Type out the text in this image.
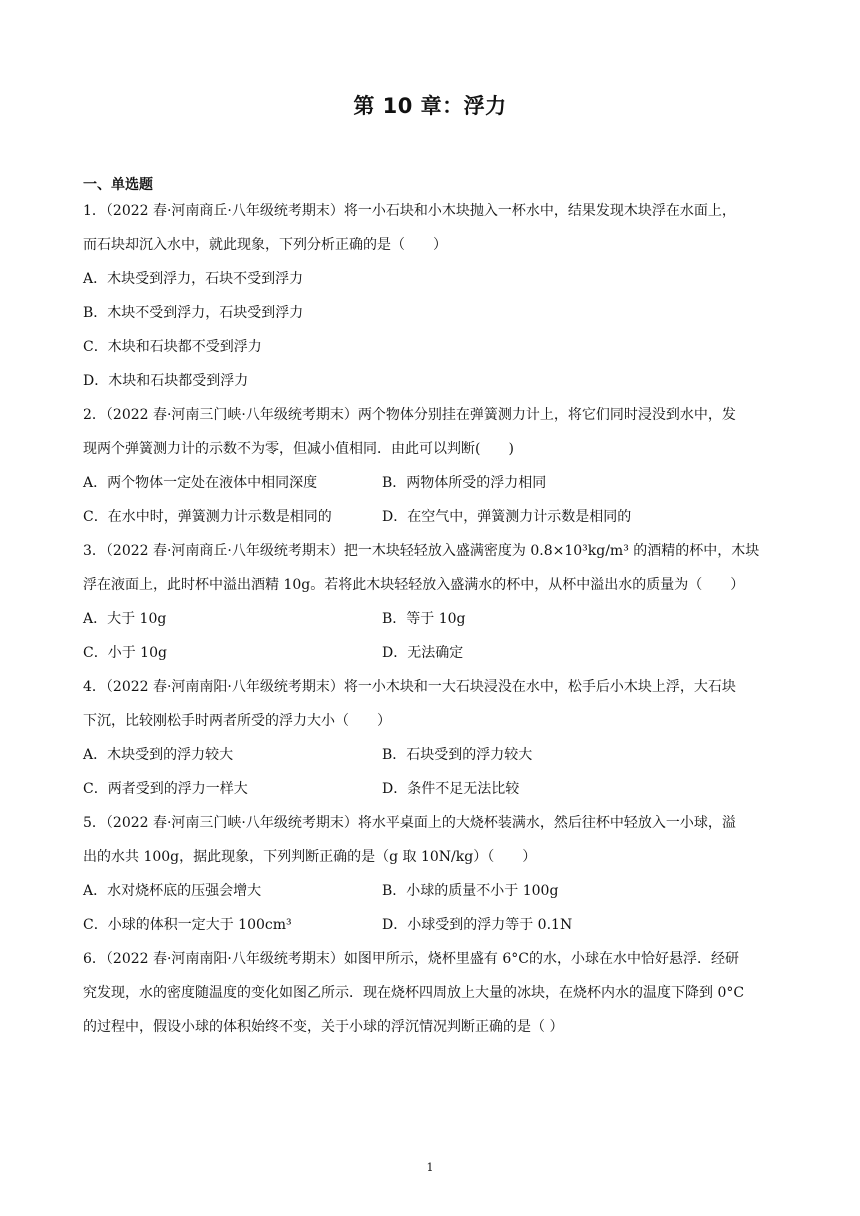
第 10 章：浮力
一、单选题
1．（2022 春·河南商丘·八年级统考期末）将一小石块和小木块抛入一杯水中，结果发现木块浮在水面上，
而石块却沉入水中，就此现象，下列分析正确的是（　　）
A．木块受到浮力，石块不受到浮力
B．木块不受到浮力，石块受到浮力
C．木块和石块都不受到浮力
D．木块和石块都受到浮力
2．（2022 春·河南三门峡·八年级统考期末）两个物体分别挂在弹簧测力计上，将它们同时浸没到水中，发
现两个弹簧测力计的示数不为零，但减小值相同．由此可以判断(　　)
A．两个物体一定处在液体中相同深度	B．两物体所受的浮力相同
C．在水中时，弹簧测力计示数是相同的	D．在空气中，弹簧测力计示数是相同的
3．（2022 春·河南商丘·八年级统考期末）把一木块轻轻放入盛满密度为 0.8×10³kg/m³ 的酒精的杯中，木块
浮在液面上，此时杯中溢出酒精 10g。若将此木块轻轻放入盛满水的杯中，从杯中溢出水的质量为（　　）
A．大于 10g	B．等于 10g
C．小于 10g	D．无法确定
4．（2022 春·河南南阳·八年级统考期末）将一小木块和一大石块浸没在水中，松手后小木块上浮，大石块
下沉，比较刚松手时两者所受的浮力大小（　　）
A．木块受到的浮力较大	B．石块受到的浮力较大
C．两者受到的浮力一样大	D．条件不足无法比较
5．（2022 春·河南三门峡·八年级统考期末）将水平桌面上的大烧杯装满水，然后往杯中轻放入一小球，溢
出的水共 100g，据此现象，下列判断正确的是（g 取 10N/kg）（　　）
A．水对烧杯底的压强会增大	B．小球的质量不小于 100g
C．小球的体积一定大于 100cm³	D．小球受到的浮力等于 0.1N
6．（2022 春·河南南阳·八年级统考期末）如图甲所示，烧杯里盛有 6°C的水，小球在水中恰好悬浮．经研
究发现，水的密度随温度的变化如图乙所示．现在烧杯四周放上大量的冰块，在烧杯内水的温度下降到 0°C
的过程中，假设小球的体积始终不变，关于小球的浮沉情况判断正确的是（ ）
1
